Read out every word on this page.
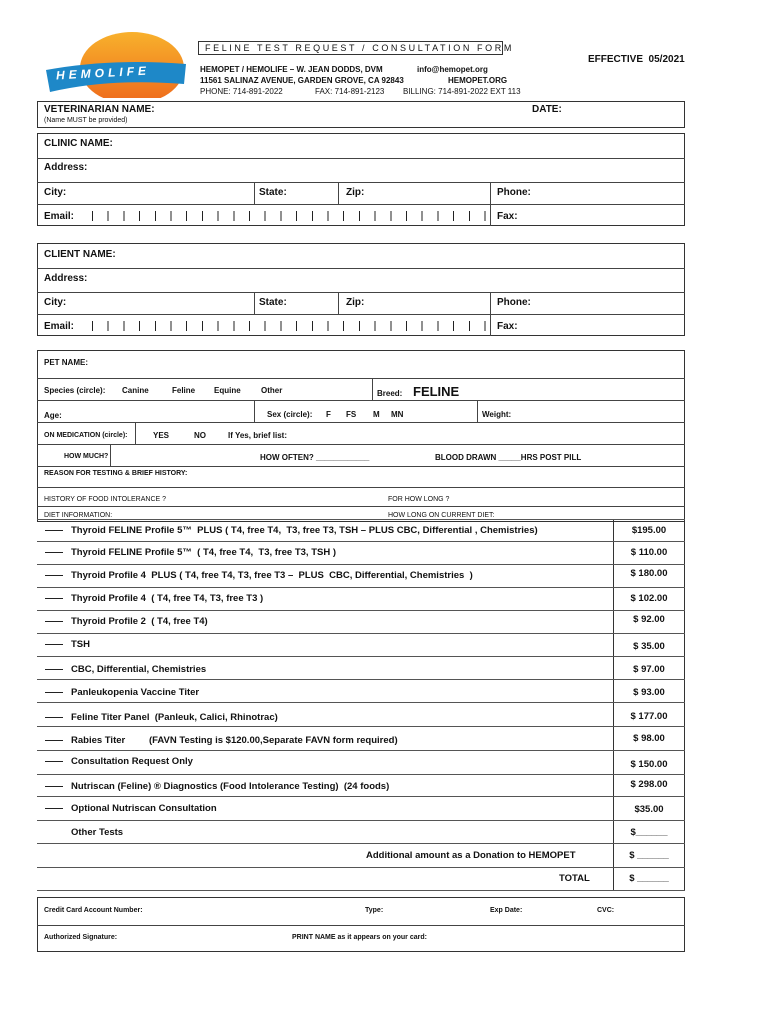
HEMOLIFE
FELINE TEST REQUEST / CONSULTATION FORM
EFFECTIVE  05/2021
HEMOPET / HEMOLIFE – W. JEAN DODDS, DVM	info@hemopet.org
11561 SALINAZ AVENUE, GARDEN GROVE, CA 92843	HEMOPET.ORG
PHONE: 714-891-2022	FAX: 714-891-2123 BILLING: 714-891-2022 EXT 113
VETERINARIAN NAME:
(Name MUST be provided)
DATE:
CLINIC NAME:
Address:
City:	State:	Zip:	Phone:
Email:	Fax:
CLIENT NAME:
Address:
City:	State:	Zip:	Phone:
Email:	Fax:
PET NAME:
Species (circle): Canine	Feline Equine	Other	Breed: FELINE
Age:	Sex (circle): F FS M MN	Weight:
ON MEDICATION (circle):	YES	NO	If Yes, brief list:
HOW MUCH?	HOW OFTEN? ____________	BLOOD DRAWN _____HRS POST PILL
REASON FOR TESTING & BRIEF HISTORY:
HISTORY OF FOOD INTOLERANCE ?	FOR HOW LONG ?
DIET INFORMATION:	HOW LONG ON CURRENT DIET:
Thyroid FELINE Profile 5™  PLUS ( T4, free T4,  T3, free T3, TSH – PLUS CBC, Differential , Chemistries)	$195.00
Thyroid FELINE Profile 5™  ( T4, free T4,  T3, free T3, TSH )	$ 110.00
Thyroid Profile 4  PLUS ( T4, free T4, T3, free T3 –  PLUS  CBC, Differential, Chemistries  )	$ 180.00
Thyroid Profile 4  ( T4, free T4, T3, free T3 )	$ 102.00
Thyroid Profile 2  ( T4, free T4)	$ 92.00
TSH	$ 35.00
CBC, Differential, Chemistries	$ 97.00
Panleukopenia Vaccine Titer	$ 93.00
Feline Titer Panel  (Panleuk, Calici, Rhinotrac)	$ 177.00
Rabies Titer         (FAVN Testing is $120.00,Separate FAVN form required)	$ 98.00
Consultation Request Only	$ 150.00
Nutriscan (Feline) ® Diagnostics (Food Intolerance Testing)  (24 foods)	$ 298.00
Optional Nutriscan Consultation	$35.00
Other Tests	$______
Additional amount as a Donation to HEMOPET	$ ______
TOTAL	$ ______
Credit Card Account Number:	Type:	Exp Date:	CVC:
Authorized Signature:	PRINT NAME as it appears on your card:
